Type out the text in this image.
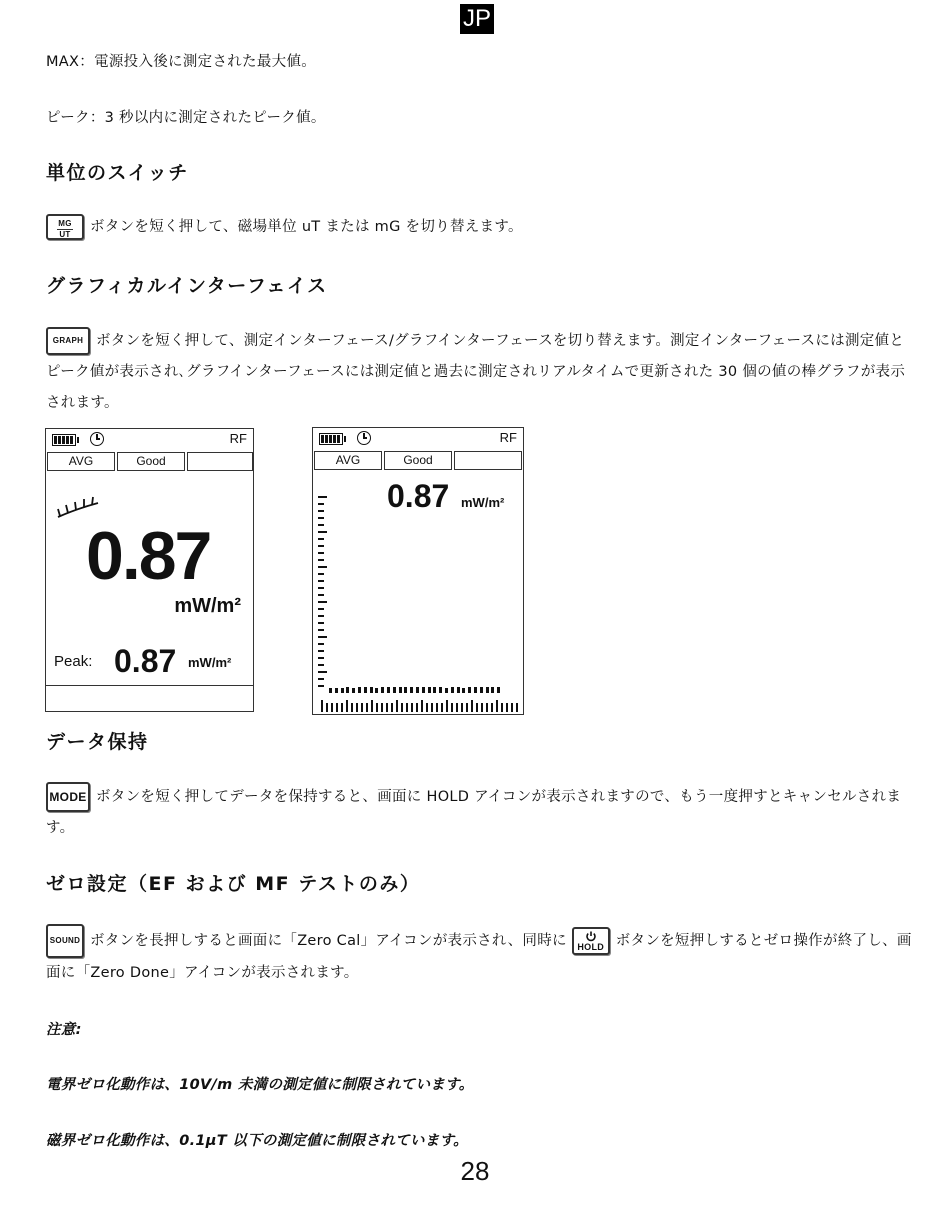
JP
MAX：電源投入後に測定された最大値。
ピーク：3 秒以内に測定されたピーク値。
単位のスイッチ
$\frac{MG}{UT}$ ボタンを短く押して、磁場単位 uT または mG を切り替えます。
グラフィカルインターフェイス
GRAPH ボタンを短く押して、測定インターフェース/グラフインターフェースを切り替えます。測定インターフェースには測定値とピーク値が表示され､グラフインターフェースには測定値と過去に測定されリアルタイムで更新された 30 個の値の棒グラフが表示されます。
RF
AVG	Good
0.87
mW/m²
Peak: 0.87 mW/m²
RF
AVG	Good
0.87 mW/m²
データ保持
MODE ボタンを短く押してデータを保持すると、画面に HOLD アイコンが表示されますので、もう一度押すとキャンセルされます。
ゼロ設定（EF および MF テストのみ）
SOUND ボタンを長押しすると画面に「Zero Cal」アイコンが表示され、同時に HOLD ボタンを短押しするとゼロ操作が終了し、画面に「Zero Done」アイコンが表示されます。
注意:
電界ゼロ化動作は、10V/m 未満の測定値に制限されています。
磁界ゼロ化動作は、0.1μT 以下の測定値に制限されています。
28
